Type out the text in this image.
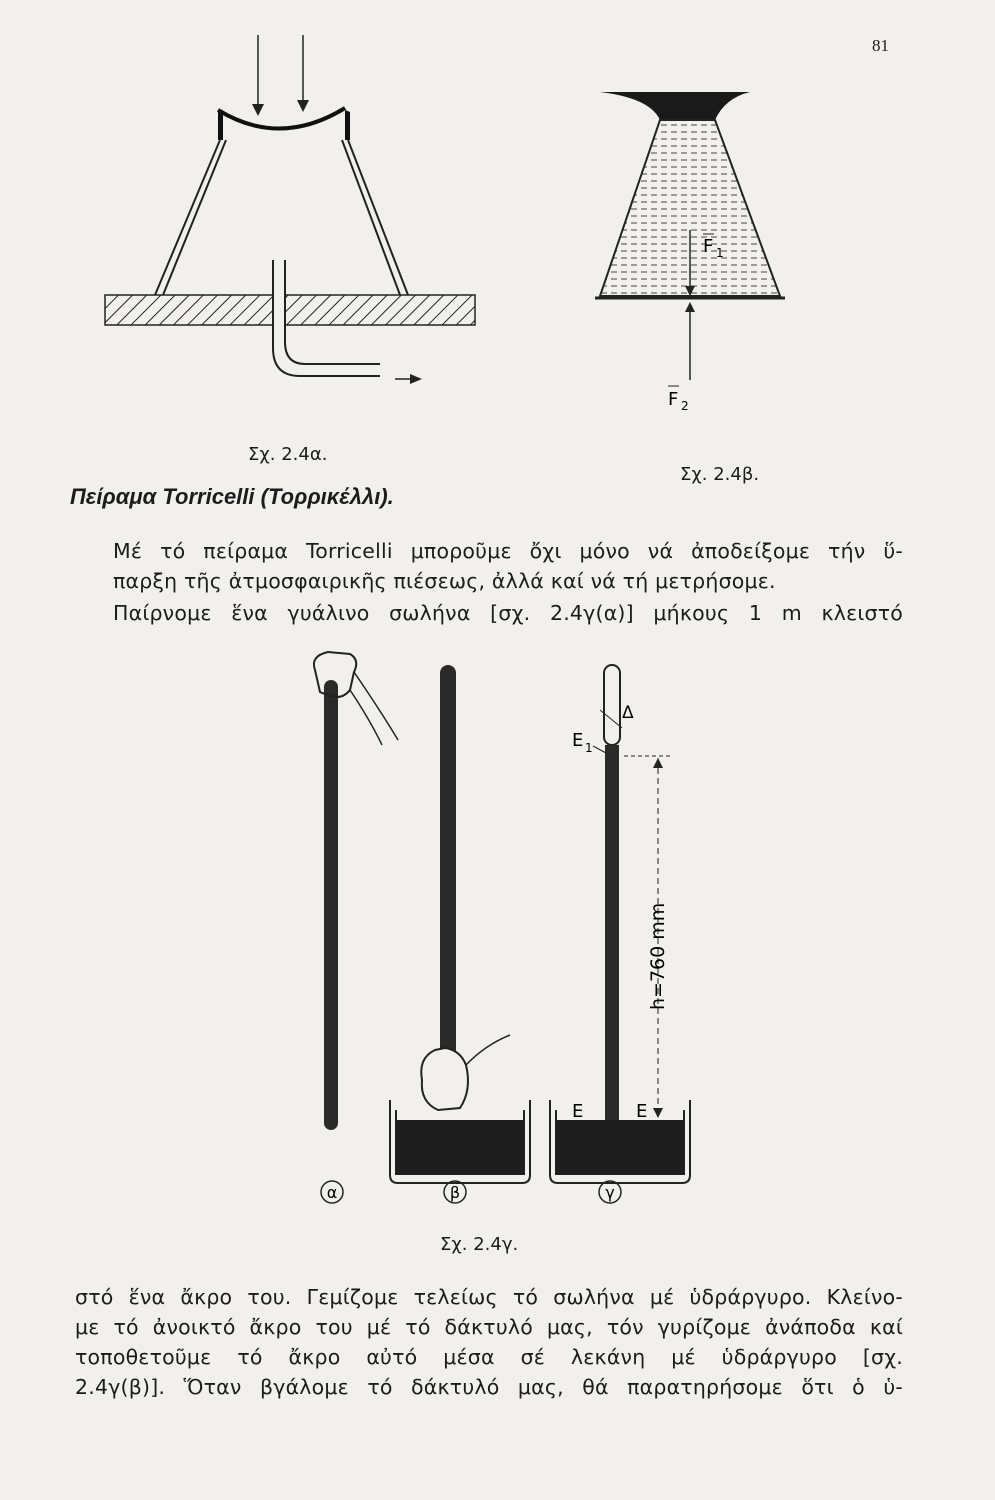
81
Σχ. 2.4α.
F 1
F 2
Σχ. 2.4β.
Πείραμα Torricelli (Τορρικέλλι).

Μέ τό πείραμα Torricelli μποροῦμε ὄχι μόνο νά ἀποδείξομε τήν ὕ-
παρξη τῆς ἀτμοσφαιρικῆς πιέσεως, ἀλλά καί νά τή μετρήσομε.

Παίρνομε ἕνα γυάλινο σωλήνα [σχ. 2.4γ(α)] μήκους 1 m κλειστό

Δ
E 1
h=760 mm
E	E
α	β	γ
Σχ. 2.4γ.

στό ἕνα ἄκρο του. Γεμίζομε τελείως τό σωλήνα μέ ὑδράργυρο. Κλείνο-
με τό ἀνοικτό ἄκρο του μέ τό δάκτυλό μας, τόν γυρίζομε ἀνάποδα καί
τοποθετοῦμε τό ἄκρο αὐτό μέσα σέ λεκάνη μέ ὑδράργυρο [σχ.
2.4γ(β)]. Ὅταν βγάλομε τό δάκτυλό μας, θά παρατηρήσομε ὅτι ὁ ὑ-
